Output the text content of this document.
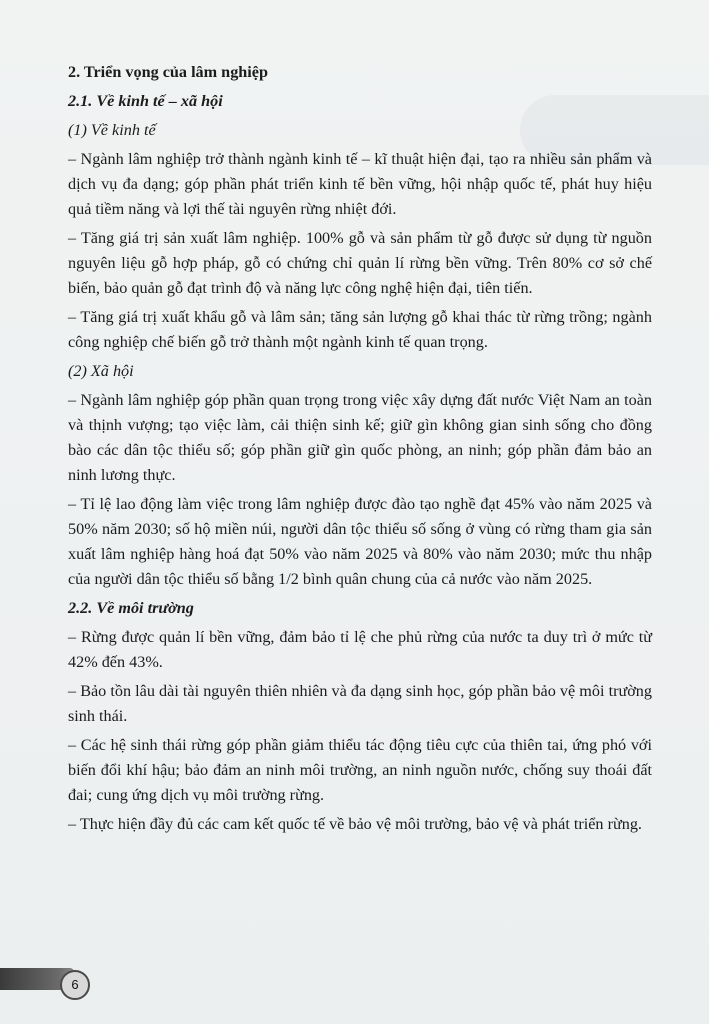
2. Triển vọng của lâm nghiệp

2.1. Về kinh tế – xã hội

(1) Về kinh tế

– Ngành lâm nghiệp trở thành ngành kinh tế – kĩ thuật hiện đại, tạo ra nhiều sản phẩm và dịch vụ đa dạng; góp phần phát triển kinh tế bền vững, hội nhập quốc tế, phát huy hiệu quả tiềm năng và lợi thế tài nguyên rừng nhiệt đới.

– Tăng giá trị sản xuất lâm nghiệp. 100% gỗ và sản phẩm từ gỗ được sử dụng từ nguồn nguyên liệu gỗ hợp pháp, gỗ có chứng chỉ quản lí rừng bền vững. Trên 80% cơ sở chế biến, bảo quản gỗ đạt trình độ và năng lực công nghệ hiện đại, tiên tiến.

– Tăng giá trị xuất khẩu gỗ và lâm sản; tăng sản lượng gỗ khai thác từ rừng trồng; ngành công nghiệp chế biến gỗ trở thành một ngành kinh tế quan trọng.

(2) Xã hội

– Ngành lâm nghiệp góp phần quan trọng trong việc xây dựng đất nước Việt Nam an toàn và thịnh vượng; tạo việc làm, cải thiện sinh kế; giữ gìn không gian sinh sống cho đồng bào các dân tộc thiểu số; góp phần giữ gìn quốc phòng, an ninh; góp phần đảm bảo an ninh lương thực.

– Tỉ lệ lao động làm việc trong lâm nghiệp được đào tạo nghề đạt 45% vào năm 2025 và 50% năm 2030; số hộ miền núi, người dân tộc thiểu số sống ở vùng có rừng tham gia sản xuất lâm nghiệp hàng hoá đạt 50% vào năm 2025 và 80% vào năm 2030; mức thu nhập của người dân tộc thiểu số bằng 1/2 bình quân chung của cả nước vào năm 2025.

2.2. Về môi trường

– Rừng được quản lí bền vững, đảm bảo tỉ lệ che phủ rừng của nước ta duy trì ở mức từ 42% đến 43%.

– Bảo tồn lâu dài tài nguyên thiên nhiên và đa dạng sinh học, góp phần bảo vệ môi trường sinh thái.

– Các hệ sinh thái rừng góp phần giảm thiểu tác động tiêu cực của thiên tai, ứng phó với biến đổi khí hậu; bảo đảm an ninh môi trường, an ninh nguồn nước, chống suy thoái đất đai; cung ứng dịch vụ môi trường rừng.

– Thực hiện đầy đủ các cam kết quốc tế về bảo vệ môi trường, bảo vệ và phát triển rừng.

6
